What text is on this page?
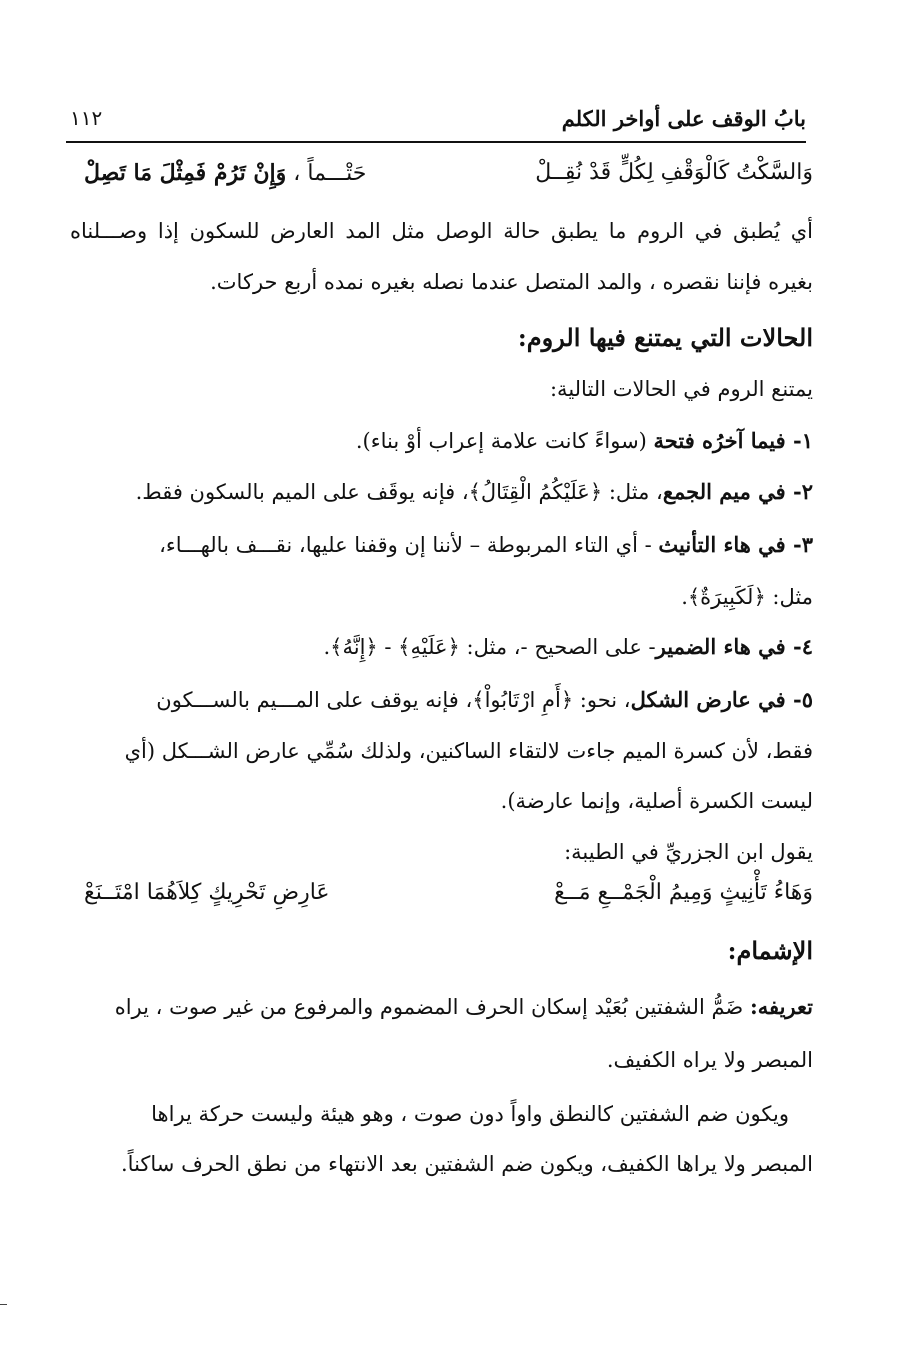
بابُ الوقف على أواخر الكلم
١١٢
وَالسَّكْتُ كَالْوَقْفِ لِكُلٍّ قَدْ نُقِــلْ
حَتْـــماً ، وَإِنْ تَرُمْ فَمِثْلَ مَا تَصِلْ
أي يُطبق في الروم ما يطبق حالة الوصل مثل المد العارض للسكون إذا وصـــلناه
بغيره فإننا نقصره ، والمد المتصل عندما نصله بغيره نمده أربع حركات.
الحالات التي يمتنع فيها الروم:
يمتنع الروم في الحالات التالية:
١- فيما آخرُه فتحة (سواءً كانت علامة إعراب أوْ بناء).
٢- في ميم الجمع، مثل: ﴿عَلَيْكُمُ الْقِتَالُ﴾، فإنه يوقَف على الميم بالسكون فقط.
٣- في هاء التأنيث - أي التاء المربوطة – لأننا إن وقفنا عليها، نقـــف بالهـــاء،
مثل: ﴿لَكَبِيرَةٌ﴾.
٤- في هاء الضمير- على الصحيح -، مثل: ﴿عَلَيْهِ﴾ - ﴿إِنَّهُ﴾.
٥- في عارض الشكل، نحو: ﴿أَمِ ارْتَابُواْ﴾، فإنه يوقف على المـــيم بالســـكون
فقط، لأن كسرة الميم جاءت لالتقاء الساكنين، ولذلك سُمِّي عارض الشـــكل (أي
ليست الكسرة أصلية، وإنما عارضة).
يقول ابن الجزريِّ في الطيبة:
وَهَاءُ تَأْنِيثٍ وَمِيمُ الْجَمْــعِ مَــعْ
عَارِضِ تَحْرِيكٍ كِلاَهُمَا امْتَــنَعْ
الإشمام:
تعريفه: ضَمُّ الشفتين بُعَيْد إسكان الحرف المضموم والمرفوع من غير صوت ، يراه
المبصر ولا يراه الكفيف.
ويكون ضم الشفتين كالنطق واواً دون صوت ، وهو هيئة وليست حركة يراها
المبصر ولا يراها الكفيف، ويكون ضم الشفتين بعد الانتهاء من نطق الحرف ساكناً.
